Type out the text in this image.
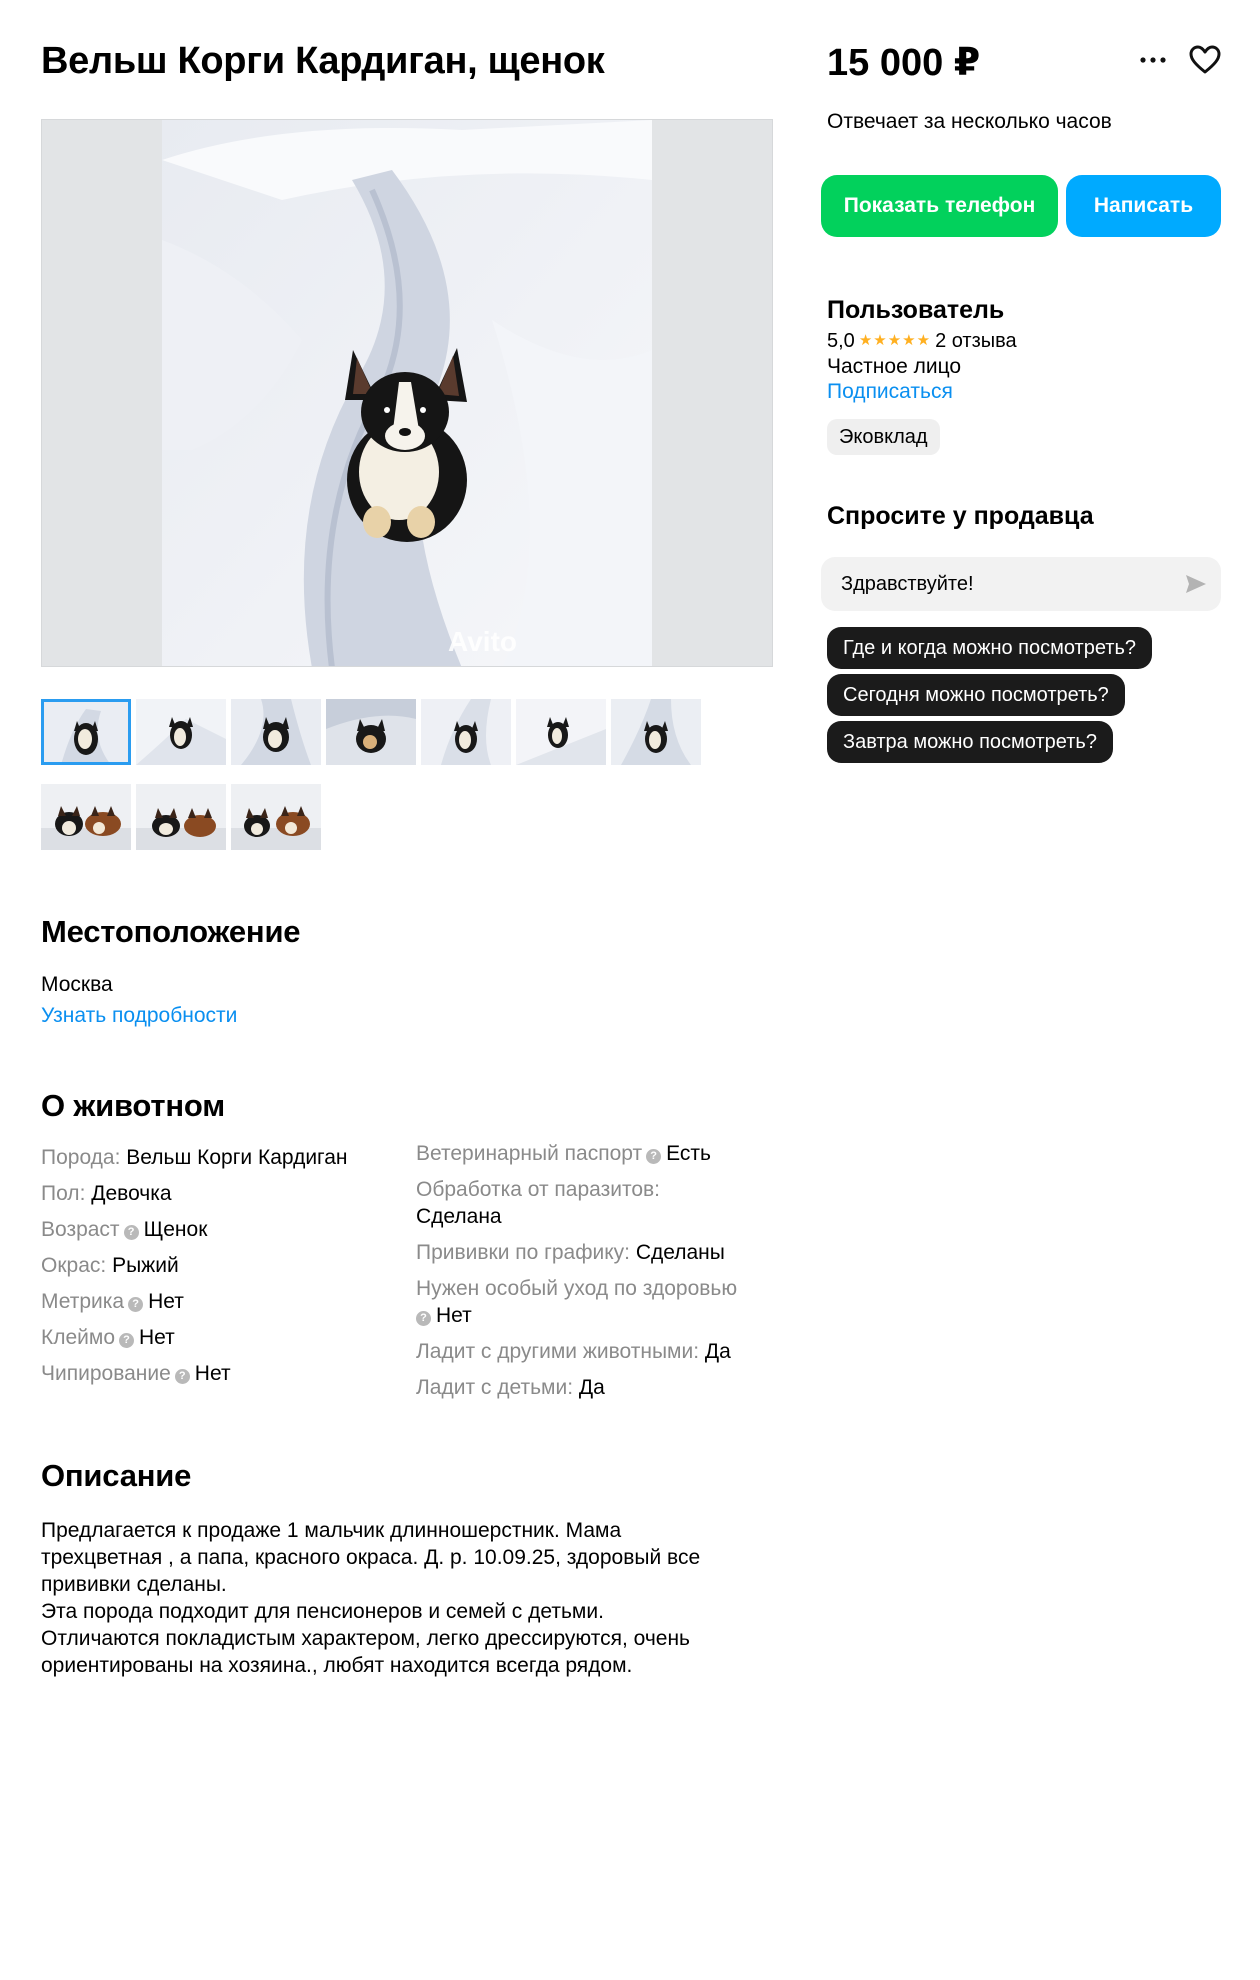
Вельш Корги Кардиган, щенок
Avito
Местоположение
Москва
Узнать подробности
О животном
Порода: Вельш Корги Кардиган
Пол: Девочка
Возраст ? Щенок
Окрас: Рыжий
Метрика ? Нет
Клеймо ? Нет
Чипирование ? Нет
Ветеринарный паспорт ? Есть
Обработка от паразитов:
Сделана
Прививки по графику: Сделаны
Нужен особый уход по здоровью
? Нет
Ладит с другими животными: Да
Ладит с детьми: Да
Описание
Предлагается к продаже 1 мальчик длинношерстник. Мама
трехцветная , а папа, красного окраса. Д. р. 10.09.25, здоровый все
прививки сделаны.
Эта порода подходит для пенсионеров и семей с детьми.
Отличаются покладистым характером, легко дрессируются, очень
ориентированы на хозяина., любят находится всегда рядом.
15 000 ₽
Отвечает за несколько часов
Показать телефон	Написать
Пользователь
5,0 ★★★★★ 2 отзыва
Частное лицо
Подписаться
Эковклад
Спросите у продавца
Здравствуйте!
Где и когда можно посмотреть?
Сегодня можно посмотреть?
Завтра можно посмотреть?
